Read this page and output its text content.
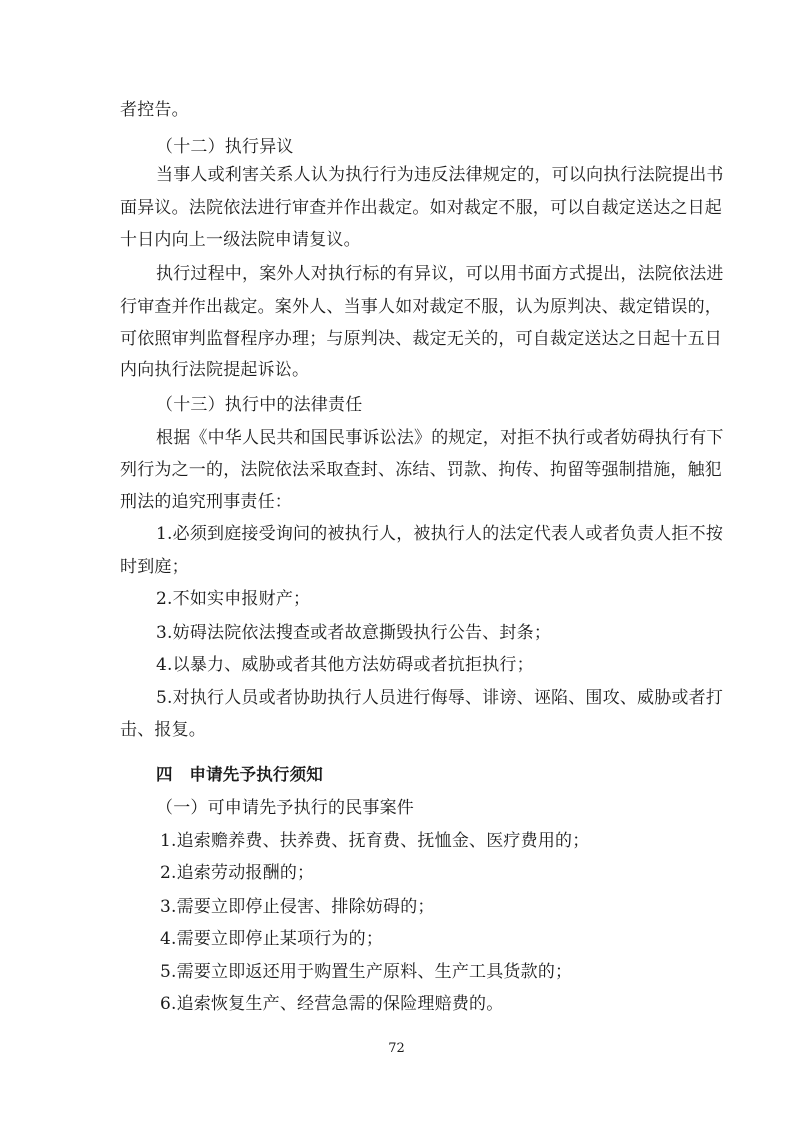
者控告。
（十二）执行异议
当事人或利害关系人认为执行行为违反法律规定的，可以向执行法院提出书
面异议。法院依法进行审查并作出裁定。如对裁定不服，可以自裁定送达之日起
十日内向上一级法院申请复议。
执行过程中，案外人对执行标的有异议，可以用书面方式提出，法院依法进
行审查并作出裁定。案外人、当事人如对裁定不服，认为原判决、裁定错误的，
可依照审判监督程序办理；与原判决、裁定无关的，可自裁定送达之日起十五日
内向执行法院提起诉讼。
（十三）执行中的法律责任
根据《中华人民共和国民事诉讼法》的规定，对拒不执行或者妨碍执行有下
列行为之一的，法院依法采取查封、冻结、罚款、拘传、拘留等强制措施，触犯
刑法的追究刑事责任：
1.必须到庭接受询问的被执行人，被执行人的法定代表人或者负责人拒不按
时到庭；
2.不如实申报财产；
3.妨碍法院依法搜查或者故意撕毁执行公告、封条；
4.以暴力、威胁或者其他方法妨碍或者抗拒执行；
5.对执行人员或者协助执行人员进行侮辱、诽谤、诬陷、围攻、威胁或者打
击、报复。
四　申请先予执行须知
（一）可申请先予执行的民事案件
1.追索赡养费、扶养费、抚育费、抚恤金、医疗费用的；
2.追索劳动报酬的；
3.需要立即停止侵害、排除妨碍的；
4.需要立即停止某项行为的；
5.需要立即返还用于购置生产原料、生产工具货款的；
6.追索恢复生产、经营急需的保险理赔费的。
72
